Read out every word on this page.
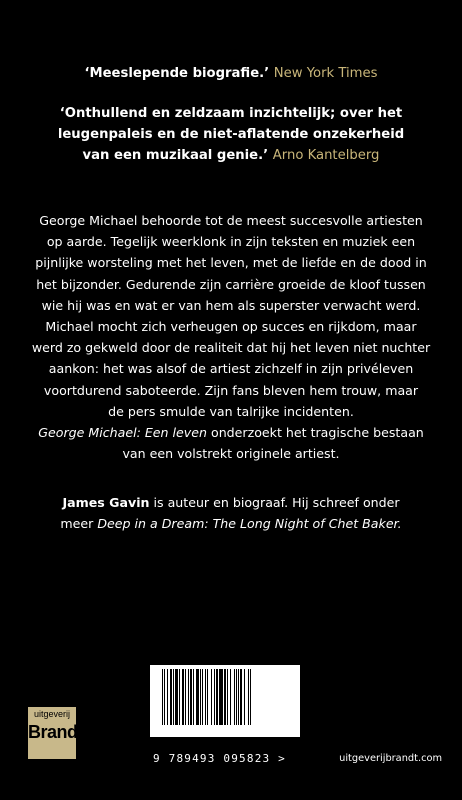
‘Meeslepende biografie.’ New York Times
‘Onthullend en zeldzaam inzichtelijk; over het
leugenpaleis en de niet-aflatende onzekerheid
van een muzikaal genie.’ Arno Kantelberg
George Michael behoorde tot de meest succesvolle artiesten
op aarde. Tegelijk weerklonk in zijn teksten en muziek een
pijnlijke worsteling met het leven, met de liefde en de dood in
het bijzonder. Gedurende zijn carrière groeide de kloof tussen
wie hij was en wat er van hem als superster verwacht werd.
Michael mocht zich verheugen op succes en rijkdom, maar
werd zo gekweld door de realiteit dat hij het leven niet nuchter
aankon: het was alsof de artiest zichzelf in zijn privéleven
voortdurend saboteerde. Zijn fans bleven hem trouw, maar
de pers smulde van talrijke incidenten.
George Michael: Een leven onderzoekt het tragische bestaan
van een volstrekt originele artiest.
James Gavin is auteur en biograaf. Hij schreef onder
meer Deep in a Dream: The Long Night of Chet Baker.
uitgeverij
Brandt
9 789493 095823 >	uitgeverijbrandt.com
